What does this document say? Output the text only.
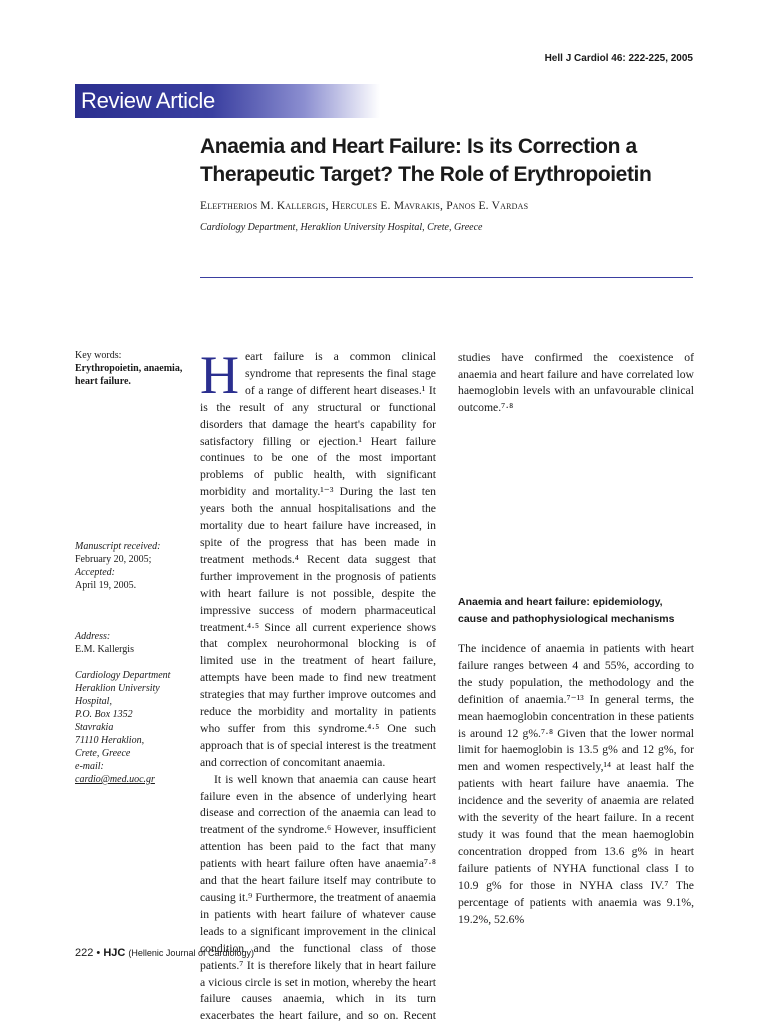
Hell J Cardiol 46: 222-225, 2005
Review Article
Anaemia and Heart Failure: Is its Correction a
Therapeutic Target? The Role of Erythropoietin
Eleftherios M. Kallergis, Hercules E. Mavrakis, Panos E. Vardas
Cardiology Department, Heraklion University Hospital, Crete, Greece
Key words:
Erythropoietin, anaemia, heart failure.
Manuscript received:
February 20, 2005;
Accepted:
April 19, 2005.
Address:
E.M. Kallergis
Cardiology Department
Heraklion University Hospital,
P.O. Box 1352
Stavrakia
71110 Heraklion,
Crete, Greece
e-mail:
cardio@med.uoc.gr

Heart failure is a common clinical syndrome that represents the final stage of a range of different heart diseases.¹ It is the result of any structural or functional disorders that damage the heart's capability for satisfactory filling or ejection.¹ Heart failure continues to be one of the most important problems of public health, with significant morbidity and mortality.¹⁻³ During the last ten years both the annual hospitalisations and the mortality due to heart failure have increased, in spite of the progress that has been made in treatment methods.⁴ Recent data suggest that further improvement in the prognosis of patients with heart failure is not possible, despite the impressive success of modern pharmaceutical treatment.⁴·⁵ Since all current experience shows that complex neurohormonal blocking is of limited use in the treatment of heart failure, attempts have been made to find new treatment strategies that may further improve outcomes and reduce the morbidity and mortality in patients who suffer from this syndrome.⁴·⁵ One such approach that is of special interest is the treatment and correction of concomitant anaemia.

It is well known that anaemia can cause heart failure even in the absence of underlying heart disease and correction of the anaemia can lead to treatment of the syndrome.⁶ However, insufficient attention has been paid to the fact that many patients with heart failure often have anaemia⁷·⁸ and that the heart failure itself may contribute to causing it.⁹ Furthermore, the treatment of anaemia in patients with heart failure of whatever cause leads to a significant improvement in the clinical condition and the functional class of those patients.⁷ It is therefore likely that in heart failure a vicious circle is set in motion, whereby the heart failure causes anaemia, which in its turn exacerbates the heart failure, and so on. Recent

studies have confirmed the coexistence of anaemia and heart failure and have correlated low haemoglobin levels with an unfavourable clinical outcome.⁷·⁸
Anaemia and heart failure: epidemiology, cause and pathophysiological mechanisms

The incidence of anaemia in patients with heart failure ranges between 4 and 55%, according to the study population, the methodology and the definition of anaemia.⁷⁻¹³ In general terms, the mean haemoglobin concentration in these patients is around 12 g%.⁷·⁸ Given that the lower normal limit for haemoglobin is 13.5 g% and 12 g%, for men and women respectively,¹⁴ at least half the patients with heart failure have anaemia. The incidence and the severity of anaemia are related with the severity of the heart failure. In a recent study it was found that the mean haemoglobin concentration dropped from 13.6 g% in heart failure patients of NYHA functional class I to 10.9 g% for those in NYHA class IV.⁷ The percentage of patients with anaemia was 9.1%, 19.2%, 52.6%

222 • HJC (Hellenic Journal of Cardiology)
